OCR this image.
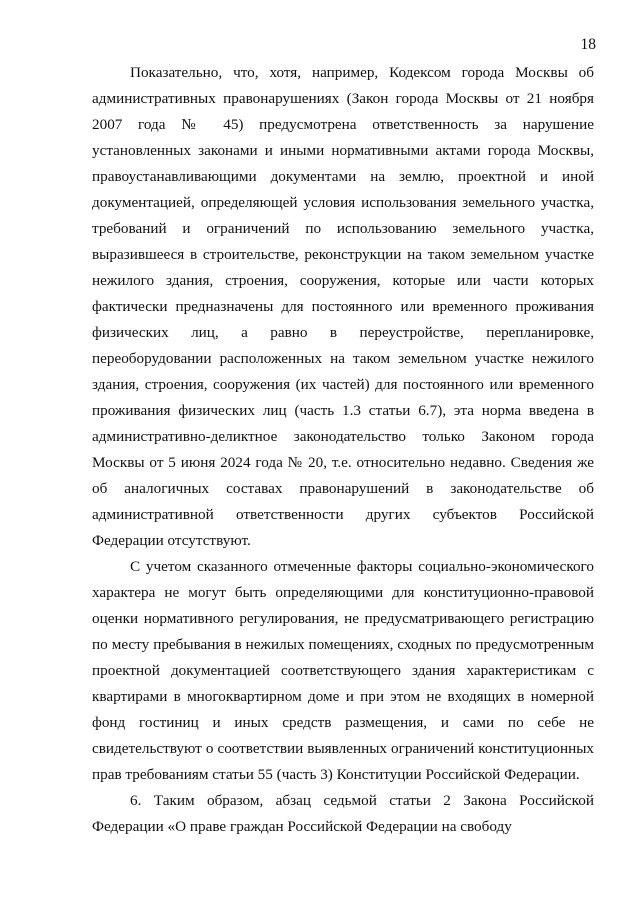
18

Показательно, что, хотя, например, Кодексом города Москвы об административных правонарушениях (Закон города Москвы от 21 ноября 2007 года № 45) предусмотрена ответственность за нарушение установленных законами и иными нормативными актами города Москвы, правоустанавливающими документами на землю, проектной и иной документацией, определяющей условия использования земельного участка, требований и ограничений по использованию земельного участка, выразившееся в строительстве, реконструкции на таком земельном участке нежилого здания, строения, сооружения, которые или части которых фактически предназначены для постоянного или временного проживания физических лиц, а равно в переустройстве, перепланировке, переоборудовании расположенных на таком земельном участке нежилого здания, строения, сооружения (их частей) для постоянного или временного проживания физических лиц (часть 1.3 статьи 6.7), эта норма введена в административно-деликтное законодательство только Законом города Москвы от 5 июня 2024 года № 20, т.е. относительно недавно. Сведения же об аналогичных составах правонарушений в законодательстве об административной ответственности других субъектов Российской Федерации отсутствуют.

С учетом сказанного отмеченные факторы социально-экономического характера не могут быть определяющими для конституционно-правовой оценки нормативного регулирования, не предусматривающего регистрацию по месту пребывания в нежилых помещениях, сходных по предусмотренным проектной документацией соответствующего здания характеристикам с квартирами в многоквартирном доме и при этом не входящих в номерной фонд гостиниц и иных средств размещения, и сами по себе не свидетельствуют о соответствии выявленных ограничений конституционных прав требованиям статьи 55 (часть 3) Конституции Российской Федерации.

6. Таким образом, абзац седьмой статьи 2 Закона Российской Федерации «О праве граждан Российской Федерации на свободу
